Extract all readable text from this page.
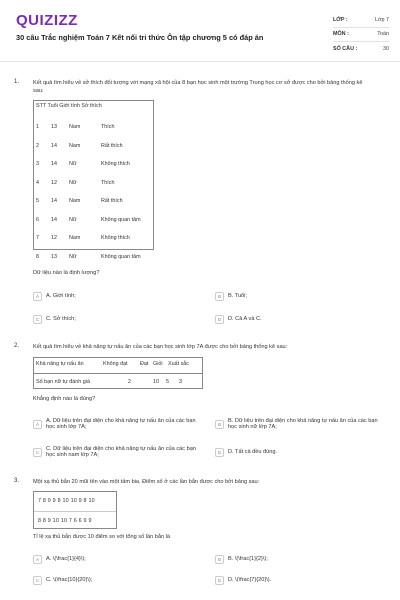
QUIZIZZ
30 câu Trắc nghiệm Toán 7 Kết nối tri thức Ôn tập chương 5 có đáp án
LỚP :	Lớp 7
MÔN :	Toán
SỐ CÂU :	30
1. Kết quả tìm hiểu về sở thích đối tượng với mạng xã hội của 8 bạn học sinh một trường Trung học cơ sở được cho bởi bảng thống kê sau:
STT Tuổi Giới tính Sở thích
1 13 Nam	Thích
2 14 Nam	Rất thích
3 14 Nữ	Không thích
4 12 Nữ	Thích
5 14 Nam	Rất thích
6 14 Nữ	Không quan tâm
7 12 Nam	Không thích
8 13 Nữ	Không quan tâm
Dữ liệu nào là định lượng?
A	A. Giới tính;	B	B. Tuổi;
C	C. Sở thích;	D	D. Cả A và C.
2. Kết quả tìm hiểu về khả năng tự nấu ăn của các bạn học sinh lớp 7A được cho bởi bảng thống kê sau:
Khả năng tự nấu ăn	Không đạt Đạt Giỏi Xuất sắc
Số bạn nữ tự đánh giá	2	10 5 3
Khẳng định nào là đúng?
A
A. Dữ liệu trên đại diện cho khả năng tự nấu ăn của các bạn học sinh lớp 7A;	B
B. Dữ liệu trên đại diện cho khả năng tự nấu ăn của các bạn học sinh nữ lớp 7A;
C
C. Dữ liệu trên đại diện cho khả năng tự nấu ăn của các bạn học sinh nam lớp 7A;	D	D. Tất cả đều đúng.
3. Một xạ thủ bắn 20 mũi tên vào một tấm bia. Điểm số ở các lần bắn được cho bởi bảng sau:
7 8 9 9 8 10 10 9 8 10
8 8 9 10 10 7 6 6 9 9
Tỉ lệ xạ thủ bắn được 10 điểm so với tổng số lần bắn là
A	A. \(\frac{1}{4}\);	B	B. \(\frac{1}{2}\);
C	C. \(\frac{10}{20}\);	D	D. \(\frac{7}{20}\).
